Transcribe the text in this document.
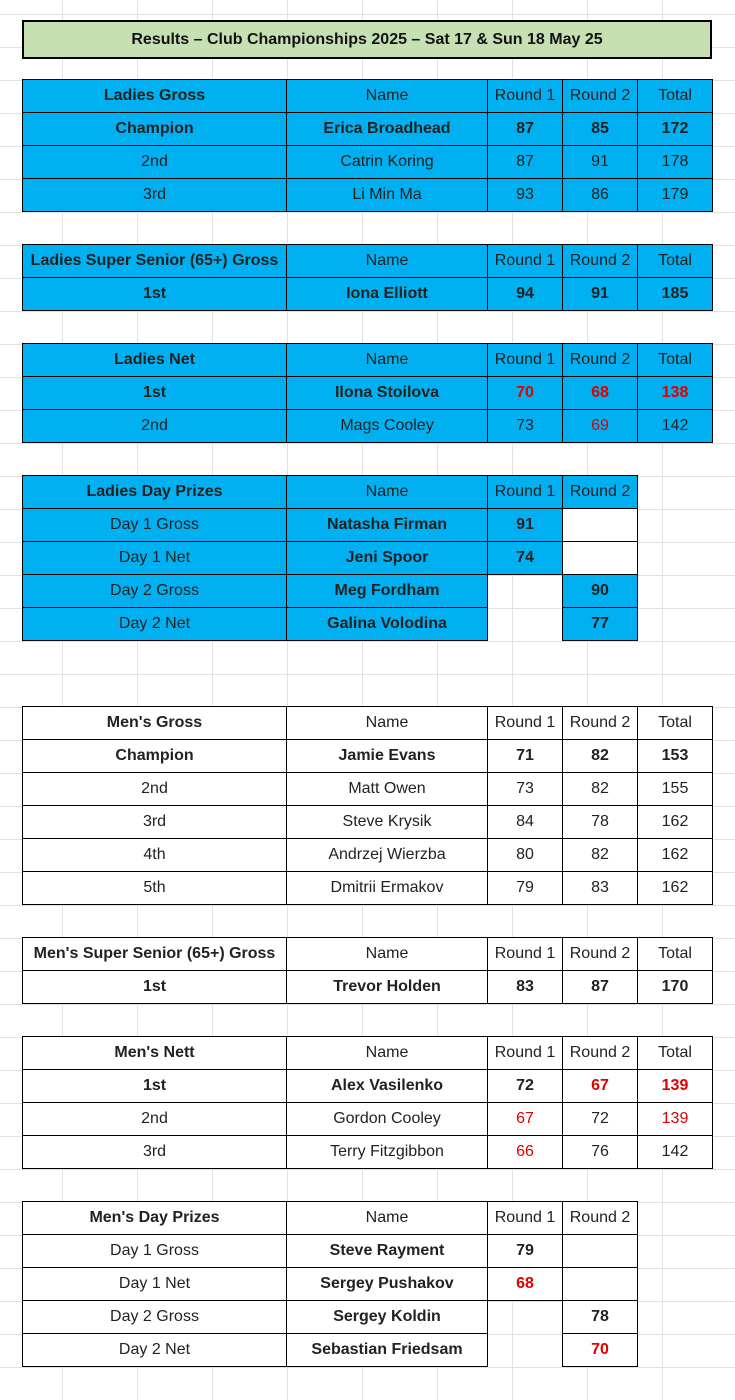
Results – Club Championships 2025 – Sat 17 & Sun 18 May 25
Ladies Gross	Name	Round 1	Round 2	Total
Champion	Erica Broadhead	87	85	172
2nd	Catrin Koring	87	91	178
3rd	Li Min Ma	93	86	179
Ladies Super Senior (65+) Gross	Name	Round 1	Round 2	Total
1st	Iona Elliott	94	91	185
Ladies Net	Name	Round 1	Round 2	Total
1st	Ilona Stoilova	70	68	138
2nd	Mags Cooley	73	69	142
Ladies Day Prizes	Name	Round 1	Round 2	
Day 1 Gross	Natasha Firman	91		
Day 1 Net	Jeni Spoor	74		
Day 2 Gross	Meg Fordham		90	
Day 2 Net	Galina Volodina		77	
Men's Gross	Name	Round 1	Round 2	Total
Champion	Jamie Evans	71	82	153
2nd	Matt Owen	73	82	155
3rd	Steve Krysik	84	78	162
4th	Andrzej Wierzba	80	82	162
5th	Dmitrii Ermakov	79	83	162
Men's Super Senior (65+) Gross	Name	Round 1	Round 2	Total
1st	Trevor Holden	83	87	170
Men's Nett	Name	Round 1	Round 2	Total
1st	Alex Vasilenko	72	67	139
2nd	Gordon Cooley	67	72	139
3rd	Terry Fitzgibbon	66	76	142
Men's Day Prizes	Name	Round 1	Round 2	
Day 1 Gross	Steve Rayment	79		
Day 1 Net	Sergey Pushakov	68		
Day 2 Gross	Sergey Koldin		78	
Day 2 Net	Sebastian Friedsam		70	
